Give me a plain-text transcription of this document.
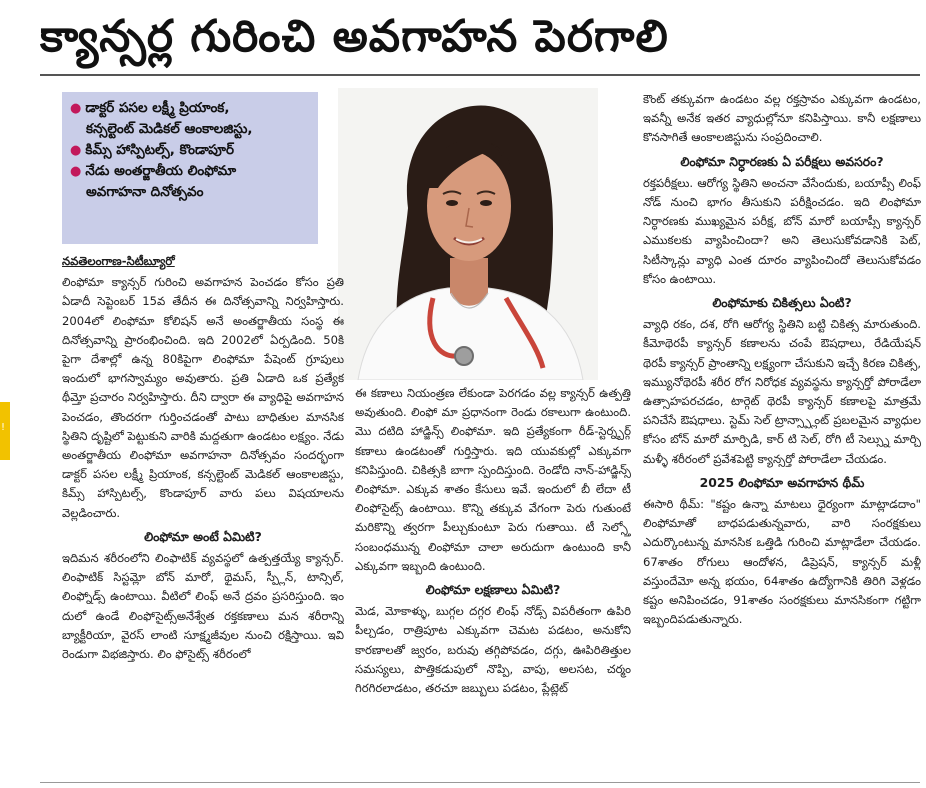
క్యాన్సర్ల గురించి అవగాహన పెరగాలి
!
● డాక్టర్ పసల లక్ష్మీ ప్రియాంక,
కన్సల్టెంట్ మెడికల్ ఆంకాలజిస్టు,
● కిమ్స్ హాస్పిటల్స్, కొండాపూర్
● నేడు అంతర్జాతీయ లింఫోమా
అవగాహనా దినోత్సవం

నవతెలంగాణ-సిటీబ్యూరో

లింఫోమా క్యాన్సర్ గురించి అవగాహన పెంచడం కోసం ప్రతి ఏడాదీ సెప్టెంబర్ 15వ తేదీన ఈ దినోత్సవాన్ని నిర్వహిస్తారు. 2004లో లింఫోమా కోలిషన్ అనే అంతర్జాతీయ సంస్థ ఈ దినోత్సవాన్ని ప్రారంభించింది. ఇది 2002లో ఏర్పడింది. 50కి పైగా దేశాల్లో ఉన్న 80కిపైగా లింఫోమా పేషెంట్ గ్రూపులు ఇందులో భాగస్వామ్యం అవుతారు. ప్రతి ఏడాది ఒక ప్రత్యేక థీమ్తో ప్రచారం నిర్వహిస్తారు. దీని ద్వారా ఈ వ్యాధిపై అవగాహన పెంచడం, తొందరగా గుర్తించడంతో పాటు బాధితుల మానసిక స్థితిని దృష్టిలో పెట్టుకుని వారికి మద్దతుగా ఉండటం లక్ష్యం. నేడు అంతర్జాతీయ లింఫోమా అవగాహనా దినోత్సవం సందర్భంగా డాక్టర్ పసల లక్ష్మీ ప్రియాంక, కన్సల్టెంట్ మెడికల్ ఆంకాలజిస్టు, కిమ్స్ హాస్పిటల్స్, కొండాపూర్ వారు పలు విషయాలను వెల్లడించారు.

లింఫోమా అంటే ఏమిటి?

ఇదిమన శరీరంలోని లింఫాటిక్ వ్యవస్థలో ఉత్పత్తయ్యే క్యాన్సర్. లింఫాటిక్ సిస్టమ్లో బోన్ మారో, థైమస్, స్ప్లీన్, టాన్సిల్, లింఫ్నోడ్స్ ఉంటాయి. వీటిలో లింఫ్ అనే ద్రవం ప్రసరిస్తుంది. ఇం దులో ఉండే లింఫోసైట్స్అనేశ్వేత రక్తకణాలు మన శరీరాన్ని బ్యాక్టీరియా, వైరస్ లాంటి సూక్ష్మజీవుల నుంచి రక్షిస్తాయి. ఇవి రెండుగా విభజిస్తారు. లిం ఫోసైట్స్ శరీరంలో

ఈ కణాలు నియంత్రణ లేకుండా పెరగడం వల్ల క్యాన్సర్ ఉత్పత్తి అవుతుంది. లింఫో మా ప్రధానంగా రెండు రకాలుగా ఉంటుంది. మొ దటిది హాడ్జిన్స్ లింఫోమా. ఇది ప్రత్యేకంగా రీడ్-స్టెర్న్బర్గ్ కణాలు ఉండటంతో గుర్తిస్తారు. ఇది యువకుల్లో ఎక్కువగా కనిపిస్తుంది. చికిత్సకి బాగా స్పందిస్తుంది. రెండోది నాన్-హాడ్జిన్స్ లింఫోమా. ఎక్కువ శాతం కేసులు ఇవే. ఇందులో బీ లేదా టీ లింఫోసైట్స్ ఉంటాయి. కొన్ని తక్కువ వేగంగా పెరు గుతుంటే మరికొన్ని త్వరగా పీల్చుకుంటూ పెరు గుతాయి. టీ సెల్స్తో సంబంధమున్న లింఫోమా చాలా అరుదుగా ఉంటుంది కానీ ఎక్కువగా ఇబ్బంది ఉంటుంది.

లింఫోమా లక్షణాలు ఏమిటి?

మెడ, మోకాళ్ళు, బుగ్గల దగ్గర లింఫ్ నోడ్స్ విపరీతంగా ఉపిరి పీల్చడం, రాత్రిపూట ఎక్కువగా చెమట పడటం, అనుకోని కారణాలతో జ్వరం, బరువు తగ్గిపోవడం, దగ్గు, ఊపిరితిత్తుల సమస్యలు, పొత్తికడుపులో నొప్పి, వాపు, అలసట, చర్మం గిరగిరలాడటం, తరచూ జబ్బులు పడటం, ప్లేట్లెట్

కౌంట్ తక్కువగా ఉండటం వల్ల రక్తస్రావం ఎక్కువగా ఉండటం, ఇవన్నీ అనేక ఇతర వ్యాధుల్లోనూ కనిపిస్తాయి. కానీ లక్షణాలు కొనసాగితే ఆంకాలజిస్టును సంప్రదించాలి.

లింఫోమా నిర్ధారణకు ఏ పరీక్షలు అవసరం?

రక్తపరీక్షలు. ఆరోగ్య స్థితిని అంచనా వేసేందుకు, బయాప్సీ లింఫ్ నోడ్ నుంచి భాగం తీసుకుని పరీక్షించడం. ఇది లింఫోమా నిర్ధారణకు ముఖ్యమైన పరీక్ష, బోన్ మారో బయాప్సీ క్యాన్సర్ ఎముకలకు వ్యాపించిందా? అని తెలుసుకోవడానికి పెట్, సిటీస్కాన్లు వ్యాధి ఎంత దూరం వ్యాపించిందో తెలుసుకోవడం కోసం ఉంటాయి.

లింఫోమాకు చికిత్సలు ఏంటి?

వ్యాధి రకం, దశ, రోగి ఆరోగ్య స్థితిని బట్టి చికిత్స మారుతుంది. కీమోథెరపీ క్యాన్సర్ కణాలను చంపే ఔషధాలు, రేడియేషన్ థెరపీ క్యాన్సర్ ప్రాంతాన్ని లక్ష్యంగా చేసుకుని ఇచ్చే కిరణ చికిత్స, ఇమ్యునోథెరపీ శరీర రోగ నిరోధక వ్యవస్థను క్యాన్సర్తో పోరాడేలా ఉత్సాహపరచడం, టార్గెట్ థెరపీ క్యాన్సర్ కణాలపై మాత్రమే పనిచేసే ఔషధాలు. స్టెమ్ సెల్ ట్రాన్స్ప్లాంట్ ప్రబలమైన వ్యాధుల కోసం బోన్ మారో మార్పిడి, కార్ టి సెల్, రోగి టీ సెల్స్ను మార్చి మళ్ళీ శరీరంలో ప్రవేశపెట్టి క్యాన్సర్తో పోరాడేలా చేయడం.

2025 లింఫోమా అవగాహన థీమ్

ఈసారి థీమ్: "కష్టం ఉన్నా మాటలు ధైర్యంగా మాట్లాడదాం" లింఫోమాతో బాధపడుతున్నవారు, వారి సంరక్షకులు ఎదుర్కొంటున్న మానసిక ఒత్తిడి గురించి మాట్లాడేలా చేయడం. 67శాతం రోగులు ఆందోళన, డిప్రెషన్, క్యాన్సర్ మళ్లీ వస్తుందేమో అన్న భయం, 64శాతం ఉద్యోగానికి తిరిగి వెళ్లడం కష్టం అనిపించడం, 91శాతం సంరక్షకులు మానసికంగా గట్టిగా ఇబ్బందిపడుతున్నారు.
